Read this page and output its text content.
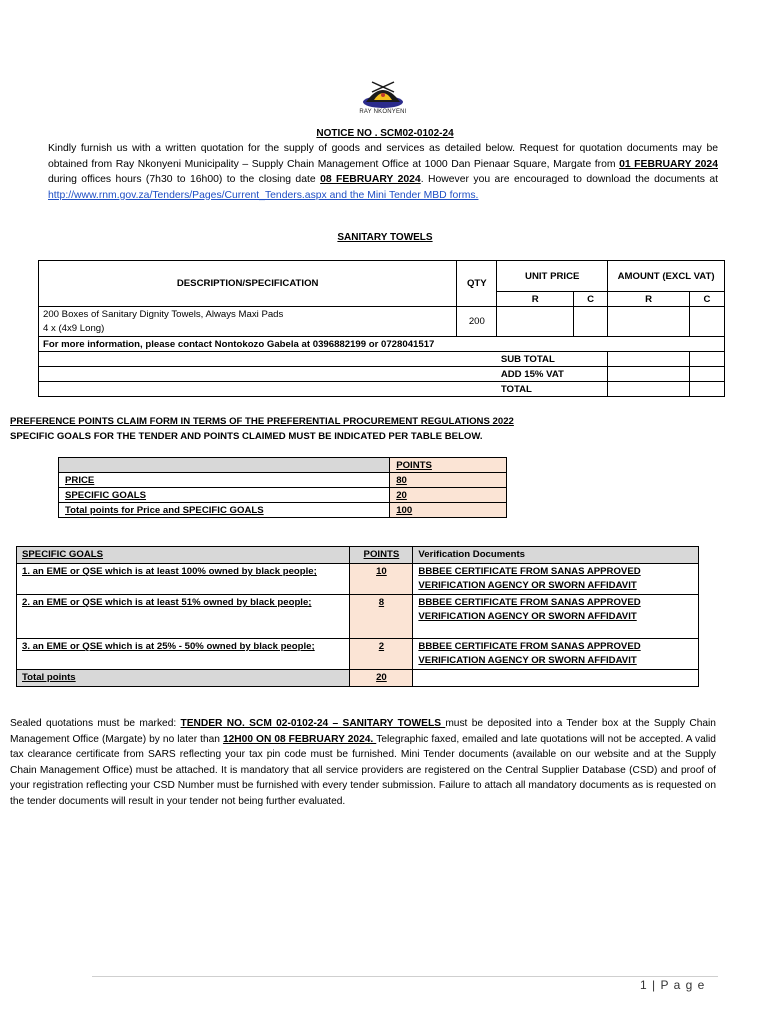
RAY NKONYENI
NOTICE NO . SCM02-0102-24
Kindly furnish us with a written quotation for the supply of goods and services as detailed below. Request for quotation documents may be obtained from Ray Nkonyeni Municipality – Supply Chain Management Office at 1000 Dan Pienaar Square, Margate from 01 FEBRUARY 2024 during offices hours (7h30 to 16h00) to the closing date 08 FEBRUARY 2024. However you are encouraged to download the documents at http://www.rnm.gov.za/Tenders/Pages/Current_Tenders.aspx and the Mini Tender MBD forms.
SANITARY TOWELS
DESCRIPTION/SPECIFICATION	QTY	UNIT PRICE		AMOUNT (EXCL VAT)	
		R	C	R	C

200 Boxes of Sanitary Dignity Towels, Always Maxi Pads
4 x (4x9 Long)	200				
For more information, please contact Nontokozo Gabela at 0396882199 or 0728041517					
		SUB TOTAL			
		ADD 15% VAT			
		TOTAL			
PREFERENCE POINTS CLAIM FORM IN TERMS OF THE PREFERENTIAL PROCUREMENT REGULATIONS 2022
SPECIFIC GOALS FOR THE TENDER AND POINTS CLAIMED MUST BE INDICATED PER TABLE BELOW.
	POINTS
PRICE	80
SPECIFIC GOALS	20
Total points for Price and SPECIFIC GOALS	100
SPECIFIC GOALS	POINTS	Verification Documents
1. an EME or QSE which is at least 100% owned by black people;	10	BBBEE CERTIFICATE FROM SANAS APPROVED VERIFICATION AGENCY OR SWORN AFFIDAVIT
2. an EME or QSE which is at least 51% owned by black people;	8	BBBEE CERTIFICATE FROM SANAS APPROVED VERIFICATION AGENCY OR SWORN AFFIDAVIT
3. an EME or QSE which is at 25% - 50% owned by black people;	2	BBBEE CERTIFICATE FROM SANAS APPROVED VERIFICATION AGENCY OR SWORN AFFIDAVIT
Total points	20	
Sealed quotations must be marked: TENDER NO. SCM 02-0102-24 – SANITARY TOWELS must be deposited into a Tender box at the Supply Chain Management Office (Margate) by no later than 12H00 ON 08 FEBRUARY 2024. Telegraphic faxed, emailed and late quotations will not be accepted. A valid tax clearance certificate from SARS reflecting your tax pin code must be furnished. Mini Tender documents (available on our website and at the Supply Chain Management Office) must be attached. It is mandatory that all service providers are registered on the Central Supplier Database (CSD) and proof of your registration reflecting your CSD Number must be furnished with every tender submission. Failure to attach all mandatory documents as is requested on the tender documents will result in your tender not being further evaluated.
1 | P a g e
